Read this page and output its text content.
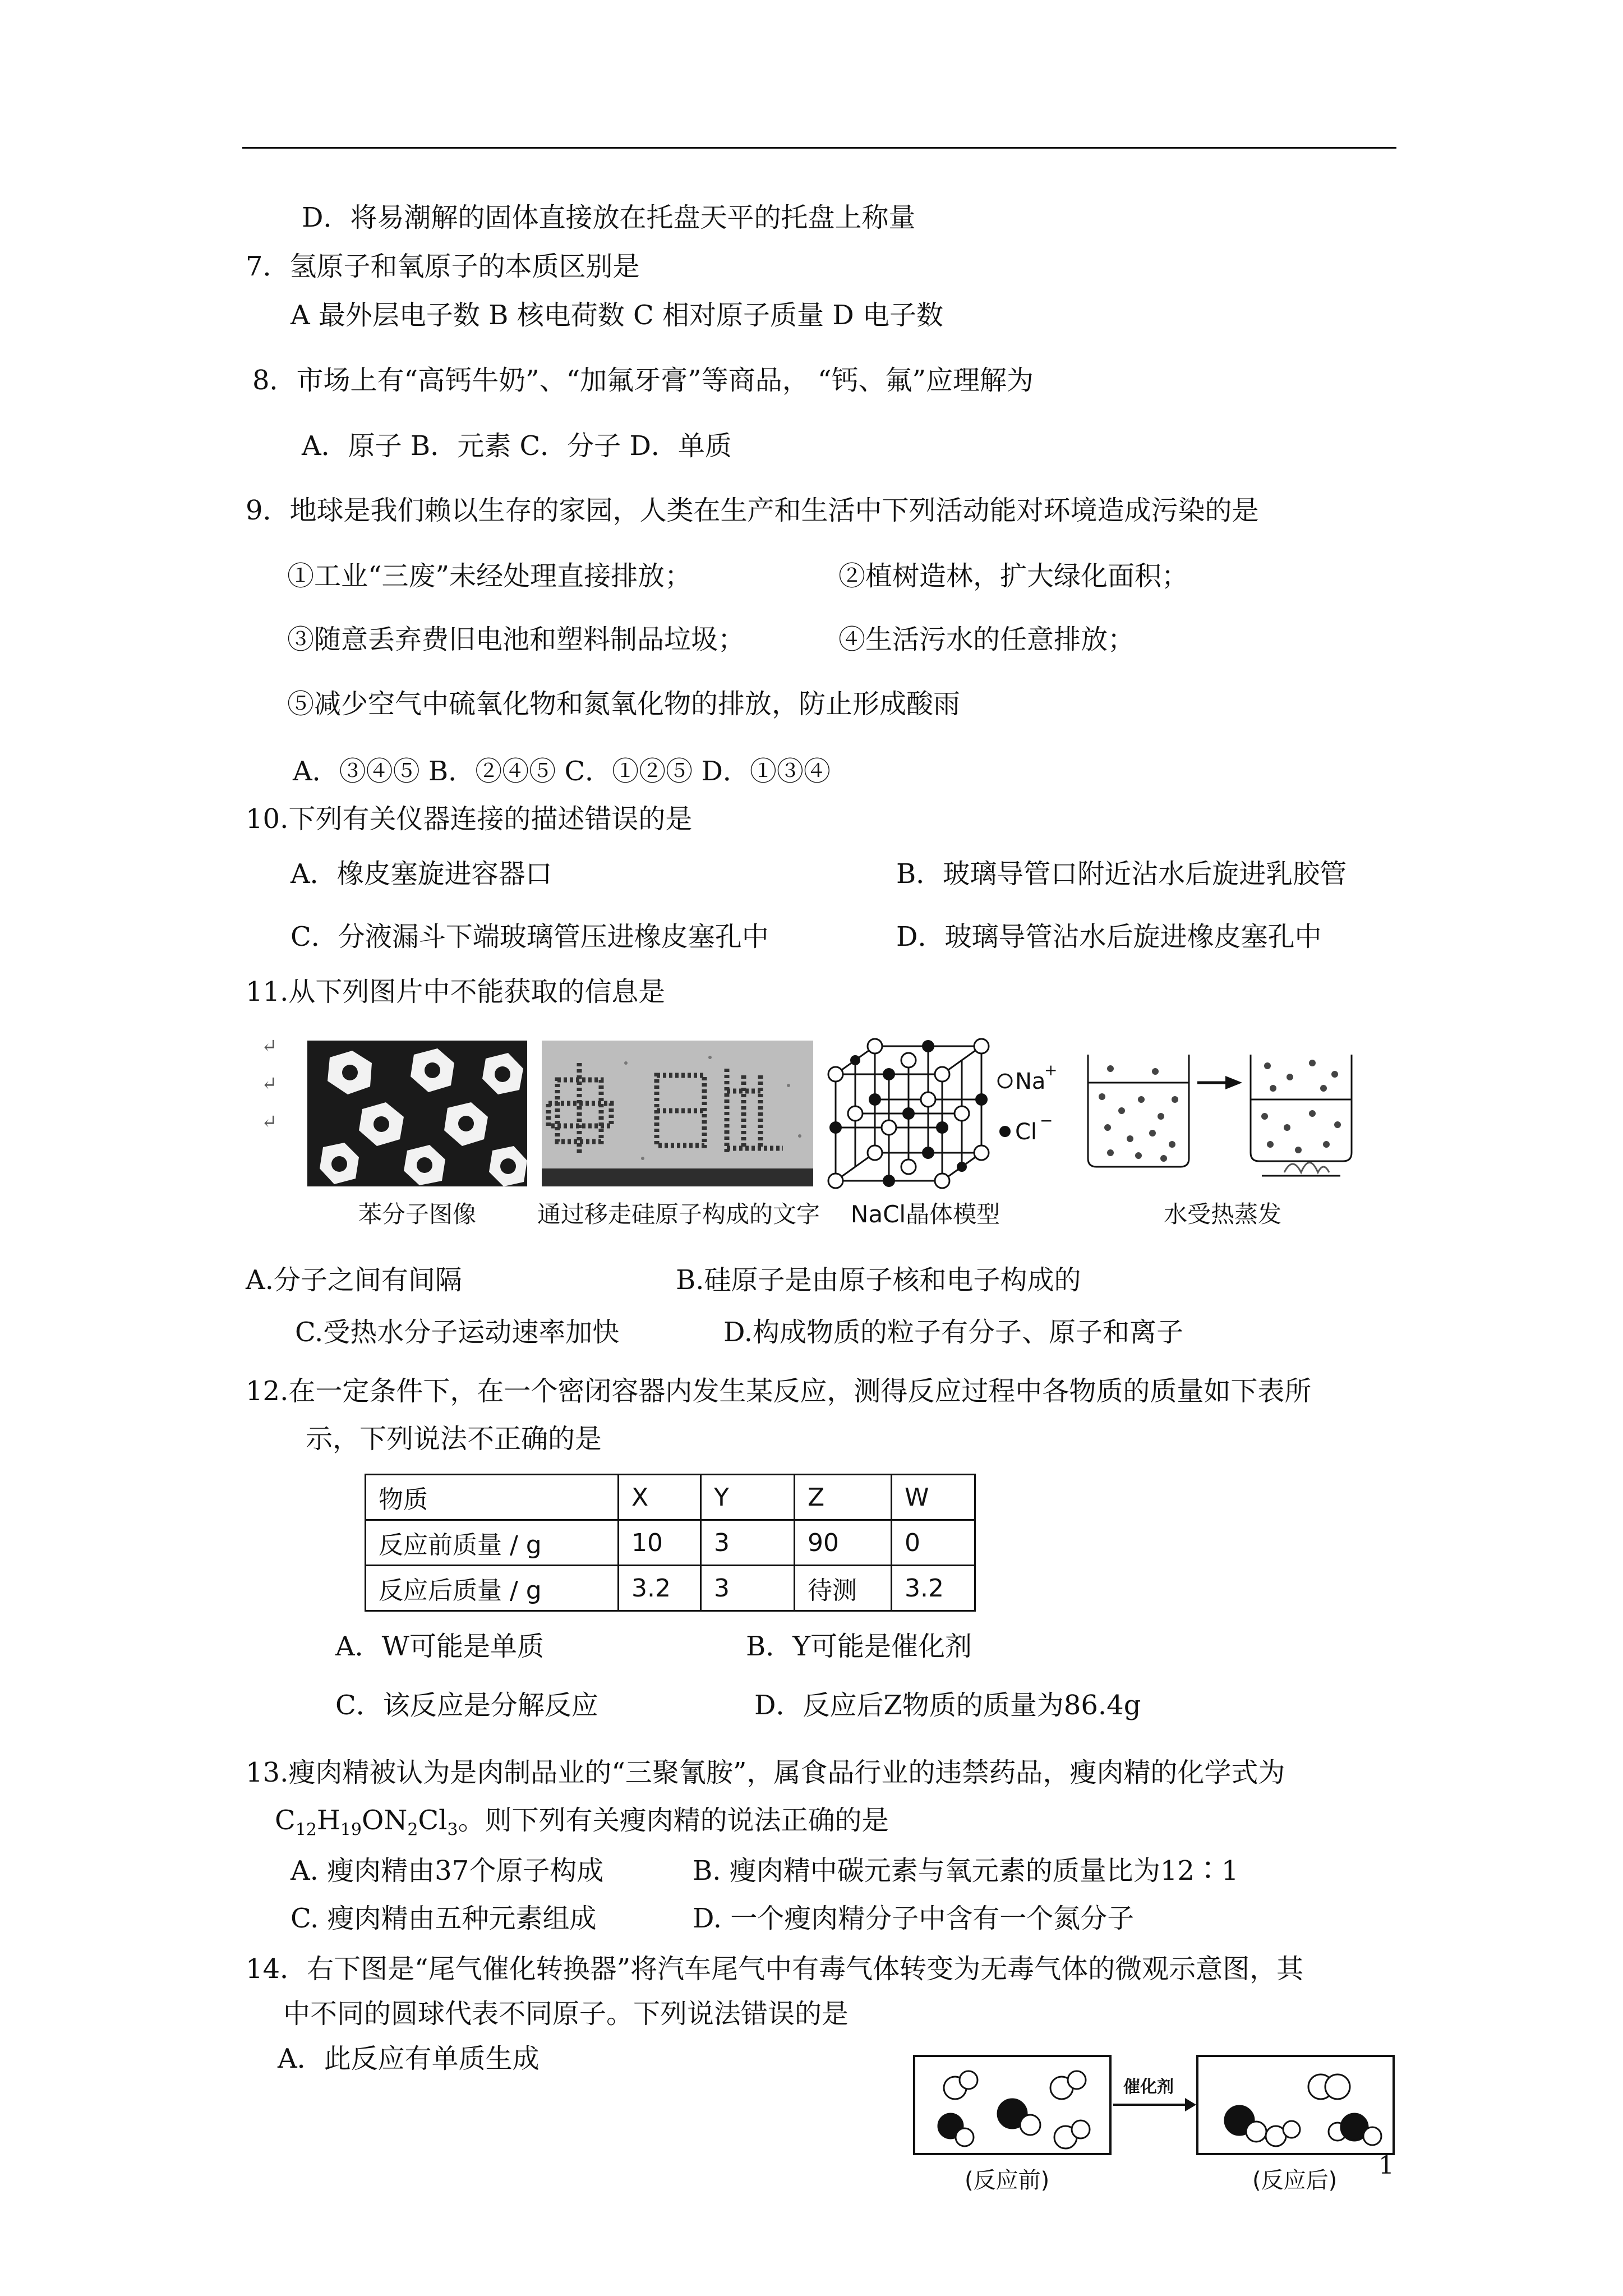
D．将易潮解的固体直接放在托盘天平的托盘上称量
7．氢原子和氧原子的本质区别是
A 最外层电子数 B 核电荷数 C 相对原子质量 D 电子数
8．市场上有“高钙牛奶”、“加氟牙膏”等商品， “钙、氟”应理解为
A．原子 B．元素 C．分子 D．单质
9．地球是我们赖以生存的家园，人类在生产和生活中下列活动能对环境造成污染的是
①工业“三废”未经处理直接排放；	②植树造林，扩大绿化面积；
③随意丢弃费旧电池和塑料制品垃圾；	④生活污水的任意排放；
⑤减少空气中硫氧化物和氮氧化物的排放，防止形成酸雨
A．③④⑤ B．②④⑤ C．①②⑤ D．①③④
10.下列有关仪器连接的描述错误的是
A．橡皮塞旋进容器口	B．玻璃导管口附近沾水后旋进乳胶管
C．分液漏斗下端玻璃管压进橡皮塞孔中	D．玻璃导管沾水后旋进橡皮塞孔中
11.从下列图片中不能获取的信息是
↵
↵
↵
苯分子图像	通过移走硅原子构成的文字
Na
+
Cl −
NaCl晶体模型	水受热蒸发
A.分子之间有间隔	B.硅原子是由原子核和电子构成的
C.受热水分子运动速率加快	D.构成物质的粒子有分子、原子和离子
12.在一定条件下，在一个密闭容器内发生某反应，测得反应过程中各物质的质量如下表所
示，下列说法不正确的是
物质	X	Y	Z	W
反应前质量 / g	10	3	90	0
反应后质量 / g	3.2	3	待测	3.2
A．W可能是单质	B．Y可能是催化剂
C．该反应是分解反应	D．反应后Z物质的质量为86.4g
13.瘦肉精被认为是肉制品业的“三聚氰胺”，属食品行业的违禁药品，瘦肉精的化学式为
$C_{12}H_{19}ON_2Cl_3$。则下列有关瘦肉精的说法正确的是
A. 瘦肉精由37个原子构成	B. 瘦肉精中碳元素与氧元素的质量比为12∶1
C. 瘦肉精由五种元素组成	D. 一个瘦肉精分子中含有一个氮分子
14．右下图是“尾气催化转换器”将汽车尾气中有毒气体转变为无毒气体的微观示意图，其
中不同的圆球代表不同原子。下列说法错误的是
A．此反应有单质生成
催化剂
(反应前)	(反应后)
1
